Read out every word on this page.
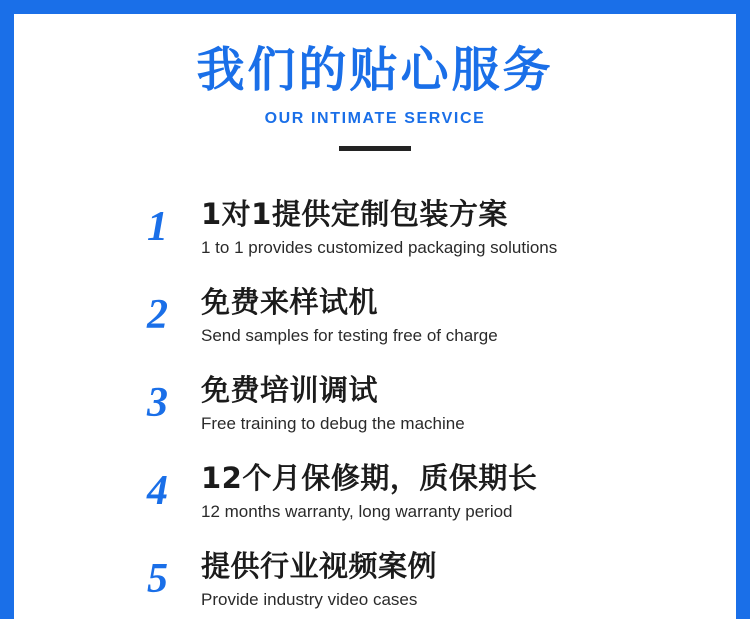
我们的贴心服务
OUR INTIMATE SERVICE
1	1对1提供定制包装方案
1 to 1 provides customized packaging solutions
2	免费来样试机
Send samples for testing free of charge
3	免费培训调试
Free training to debug the machine
4	12个月保修期，质保期长
12 months warranty, long warranty period
5	提供行业视频案例
Provide industry video cases
